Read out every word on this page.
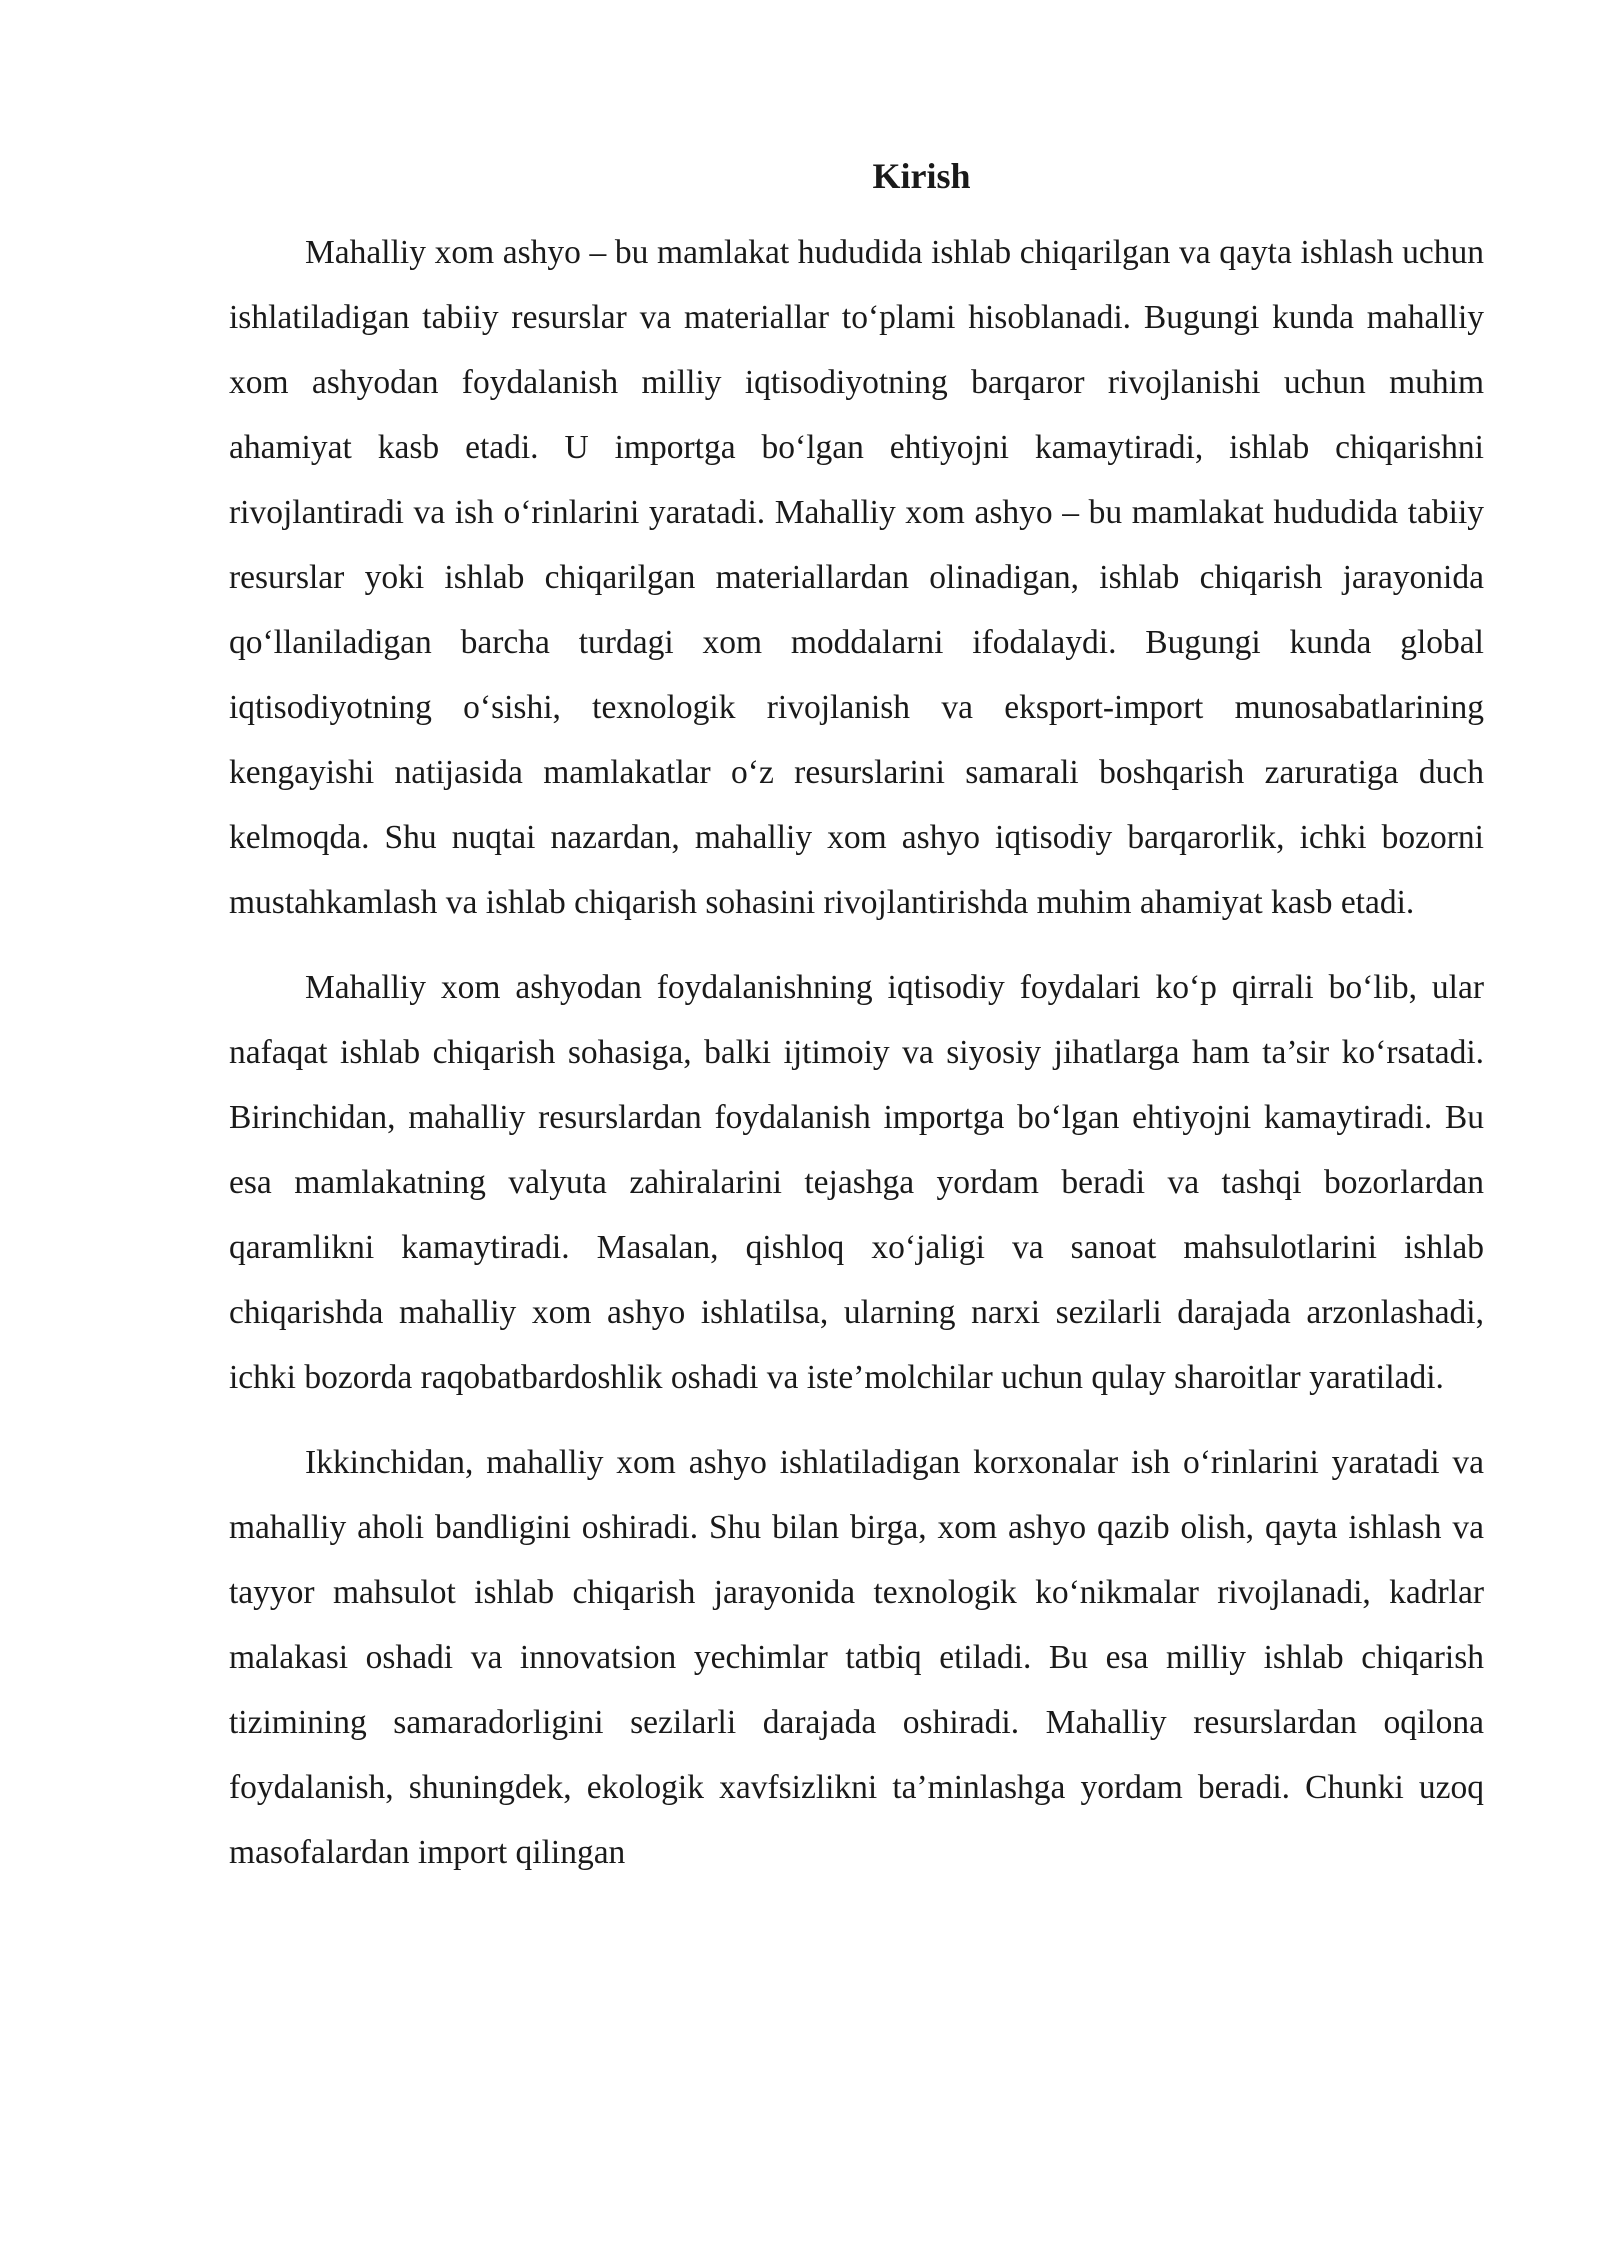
Kirish

Mahalliy xom ashyo – bu mamlakat hududida ishlab chiqarilgan va qayta ishlash uchun ishlatiladigan tabiiy resurslar va materiallar to‘plami hisoblanadi. Bugungi kunda mahalliy xom ashyodan foydalanish milliy iqtisodiyotning barqaror rivojlanishi uchun muhim ahamiyat kasb etadi. U importga bo‘lgan ehtiyojni kamaytiradi, ishlab chiqarishni rivojlantiradi va ish o‘rinlarini yaratadi. Mahalliy xom ashyo – bu mamlakat hududida tabiiy resurslar yoki ishlab chiqarilgan materiallardan olinadigan, ishlab chiqarish jarayonida qo‘llaniladigan barcha turdagi xom moddalarni ifodalaydi. Bugungi kunda global iqtisodiyotning o‘sishi, texnologik rivojlanish va eksport-import munosabatlarining kengayishi natijasida mamlakatlar o‘z resurslarini samarali boshqarish zaruratiga duch kelmoqda. Shu nuqtai nazardan, mahalliy xom ashyo iqtisodiy barqarorlik, ichki bozorni mustahkamlash va ishlab chiqarish sohasini rivojlantirishda muhim ahamiyat kasb etadi.

Mahalliy xom ashyodan foydalanishning iqtisodiy foydalari ko‘p qirrali bo‘lib, ular nafaqat ishlab chiqarish sohasiga, balki ijtimoiy va siyosiy jihatlarga ham ta’sir ko‘rsatadi. Birinchidan, mahalliy resurslardan foydalanish importga bo‘lgan ehtiyojni kamaytiradi. Bu esa mamlakatning valyuta zahiralarini tejashga yordam beradi va tashqi bozorlardan qaramlikni kamaytiradi. Masalan, qishloq xo‘jaligi va sanoat mahsulotlarini ishlab chiqarishda mahalliy xom ashyo ishlatilsa, ularning narxi sezilarli darajada arzonlashadi, ichki bozorda raqobatbardoshlik oshadi va iste’molchilar uchun qulay sharoitlar yaratiladi.

Ikkinchidan, mahalliy xom ashyo ishlatiladigan korxonalar ish o‘rinlarini yaratadi va mahalliy aholi bandligini oshiradi. Shu bilan birga, xom ashyo qazib olish, qayta ishlash va tayyor mahsulot ishlab chiqarish jarayonida texnologik ko‘nikmalar rivojlanadi, kadrlar malakasi oshadi va innovatsion yechimlar tatbiq etiladi. Bu esa milliy ishlab chiqarish tizimining samaradorligini sezilarli darajada oshiradi. Mahalliy resurslardan oqilona foydalanish, shuningdek, ekologik xavfsizlikni ta’minlashga yordam beradi. Chunki uzoq masofalardan import qilingan
